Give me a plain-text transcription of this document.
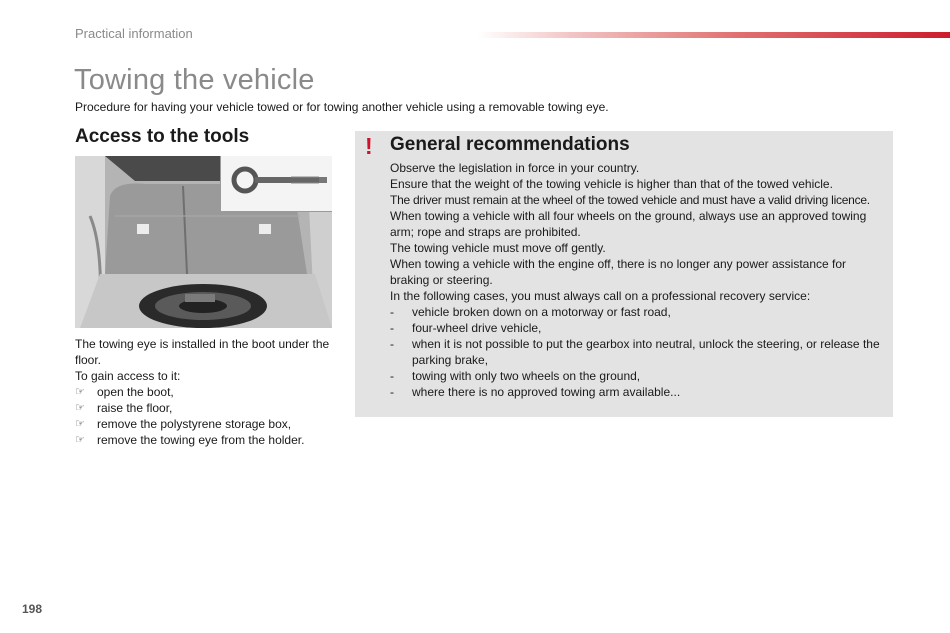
Practical information
Towing the vehicle
Procedure for having your vehicle towed or for towing another vehicle using a removable towing eye.
Access to the tools

The towing eye is installed in the boot under the floor.

To gain access to it:

☞ open the boot,
☞ raise the floor,
☞ remove the polystyrene storage box,
☞ remove the towing eye from the holder.
! General recommendations

Observe the legislation in force in your country.

Ensure that the weight of the towing vehicle is higher than that of the towed vehicle.

The driver must remain at the wheel of the towed vehicle and must have a valid driving licence.

When towing a vehicle with all four wheels on the ground, always use an approved towing arm; rope and straps are prohibited.

The towing vehicle must move off gently.

When towing a vehicle with the engine off, there is no longer any power assistance for braking or steering.

In the following cases, you must always call on a professional recovery service:

- vehicle broken down on a motorway or fast road,
- four-wheel drive vehicle,
- when it is not possible to put the gearbox into neutral, unlock the steering, or release the parking brake,
- towing with only two wheels on the ground,
- where there is no approved towing arm available...
198
